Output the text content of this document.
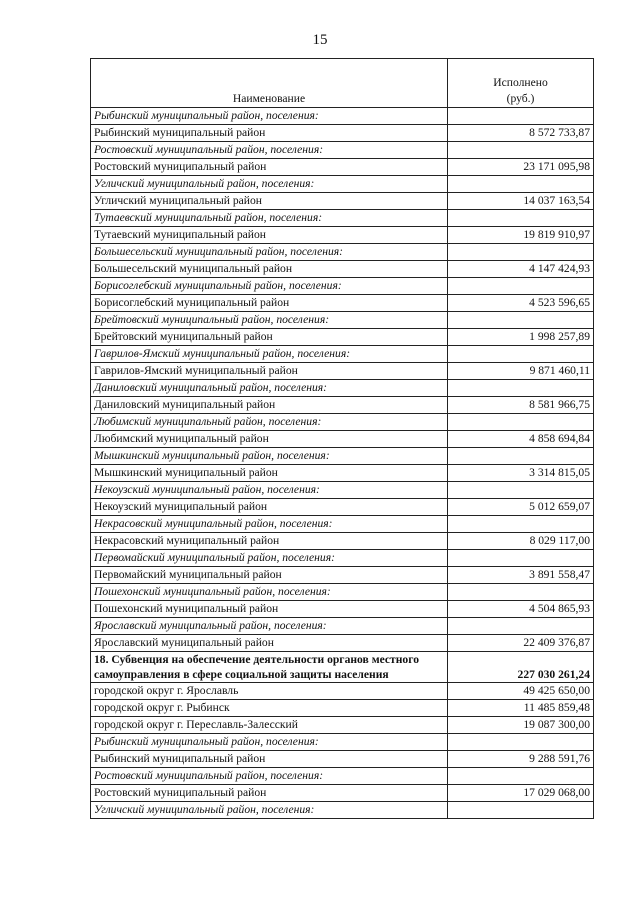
15
Наименование	Исполнено
(руб.)
Рыбинский муниципальный район, поселения:	
Рыбинский муниципальный район	8 572 733,87
Ростовский муниципальный район, поселения:	
Ростовский муниципальный район	23 171 095,98
Угличский муниципальный район, поселения:	
Угличский муниципальный район	14 037 163,54
Тутаевский муниципальный район, поселения:	
Тутаевский муниципальный район	19 819 910,97
Большесельский муниципальный район, поселения:	
Большесельский муниципальный район	4 147 424,93
Борисоглебский муниципальный район, поселения:	
Борисоглебский муниципальный район	4 523 596,65
Брейтовский муниципальный район, поселения:	
Брейтовский муниципальный район	1 998 257,89
Гаврилов-Ямский муниципальный район, поселения:	
Гаврилов-Ямский муниципальный район	9 871 460,11
Даниловский муниципальный район, поселения:	
Даниловский муниципальный район	8 581 966,75
Любимский муниципальный район, поселения:	
Любимский муниципальный район	4 858 694,84
Мышкинский муниципальный район, поселения:	
Мышкинский муниципальный район	3 314 815,05
Некоузский муниципальный район, поселения:	
Некоузский муниципальный район	5 012 659,07
Некрасовский муниципальный район, поселения:	
Некрасовский муниципальный район	8 029 117,00
Первомайский муниципальный район, поселения:	
Первомайский муниципальный район	3 891 558,47
Пошехонский муниципальный район, поселения:	
Пошехонский муниципальный район	4 504 865,93
Ярославский муниципальный район, поселения:	
Ярославский муниципальный район	22 409 376,87
18. Субвенция на обеспечение деятельности органов местного самоуправления в сфере социальной защиты населения	227 030 261,24
городской округ г. Ярославль	49 425 650,00
городской округ г. Рыбинск	11 485 859,48
городской округ г. Переславль-Залесский	19 087 300,00
Рыбинский муниципальный район, поселения:	
Рыбинский муниципальный район	9 288 591,76
Ростовский муниципальный район, поселения:	
Ростовский муниципальный район	17 029 068,00
Угличский муниципальный район, поселения:	
